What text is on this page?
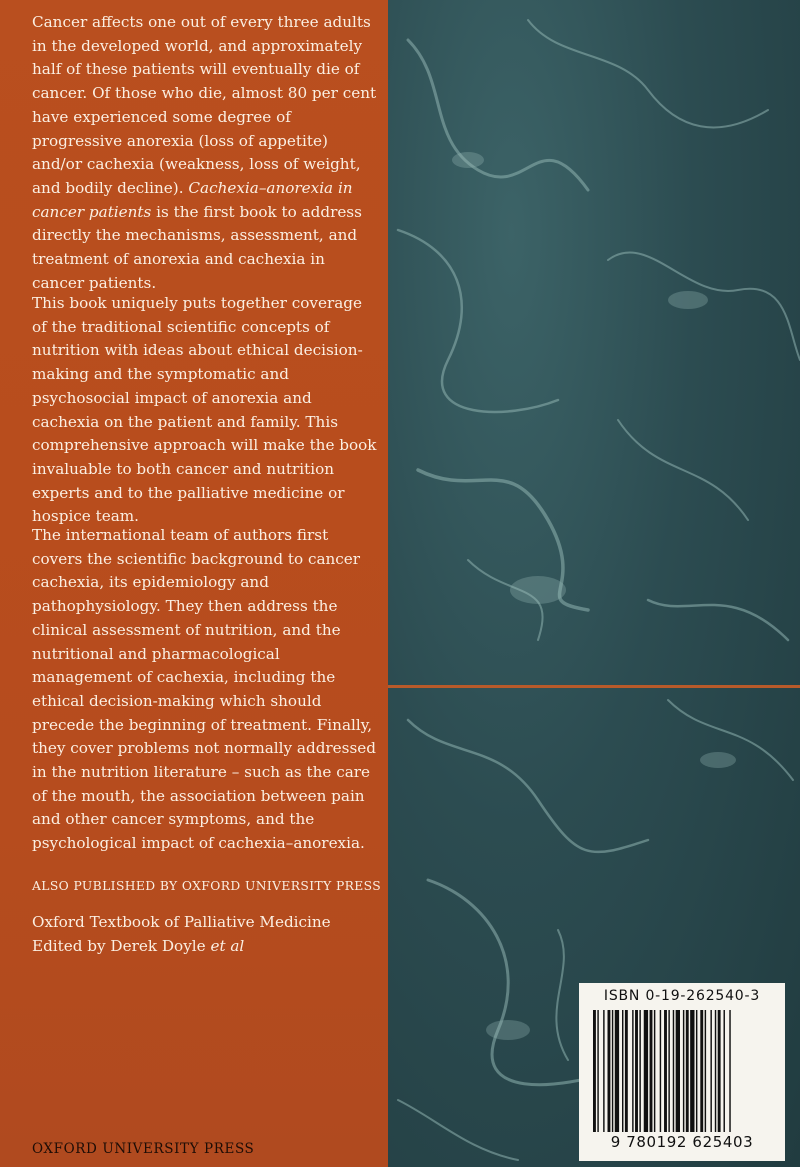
Cancer affects one out of every three adults in the developed world, and approximately half of these patients will eventually die of cancer. Of those who die, almost 80 per cent have experienced some degree of progressive anorexia (loss of appetite) and/or cachexia (weakness, loss of weight, and bodily decline). Cachexia–anorexia in cancer patients is the first book to address directly the mechanisms, assessment, and treatment of anorexia and cachexia in cancer patients.

This book uniquely puts together coverage of the traditional scientific concepts of nutrition with ideas about ethical decision-making and the symptomatic and psychosocial impact of anorexia and cachexia on the patient and family. This comprehensive approach will make the book invaluable to both cancer and nutrition experts and to the palliative medicine or hospice team.

The international team of authors first covers the scientific background to cancer cachexia, its epidemiology and pathophysiology. They then address the clinical assessment of nutrition, and the nutritional and pharmacological management of cachexia, including the ethical decision-making which should precede the beginning of treatment. Finally, they cover problems not normally addressed in the nutrition literature – such as the care of the mouth, the association between pain and other cancer symptoms, and the psychological impact of cachexia–anorexia.

ALSO PUBLISHED BY OXFORD UNIVERSITY PRESS
Oxford Textbook of Palliative Medicine
Edited by Derek Doyle et al
OXFORD UNIVERSITY PRESS
ISBN 0-19-262540-3
9 780192 625403
